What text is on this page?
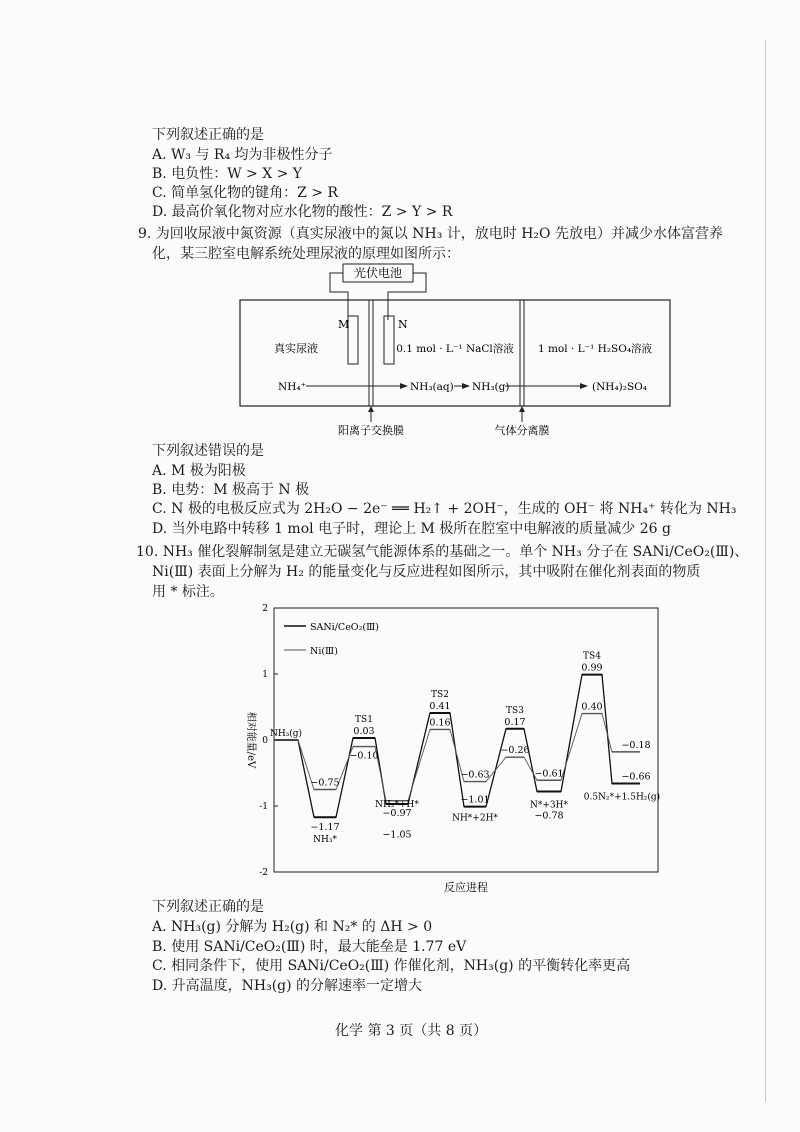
下列叙述正确的是
A. W₃ 与 R₄ 均为非极性分子
B. 电负性：W > X > Y
C. 简单氢化物的键角：Z > R
D. 最高价氧化物对应水化物的酸性：Z > Y > R
9. 为回收尿液中氮资源（真实尿液中的氮以 NH₃ 计，放电时 H₂O 先放电）并减少水体富营养
化，某三腔室电解系统处理尿液的原理如图所示：
光伏电池
M	N
真实尿液	0.1 mol · L⁻¹ NaCl溶液 1 mol · L⁻¹ H₂SO₄溶液
NH₄⁺	NH₃(aq) NH₃(g)	(NH₄)₂SO₄
阳离子交换膜	气体分离膜
下列叙述错误的是
A. M 极为阳极
B. 电势：M 极高于 N 极
C. N 极的电极反应式为 2H₂O − 2e⁻ ══ H₂↑ + 2OH⁻，生成的 OH⁻ 将 NH₄⁺ 转化为 NH₃
D. 当外电路中转移 1 mol 电子时，理论上 M 极所在腔室中电解液的质量减少 26 g
10. NH₃ 催化裂解制氢是建立无碳氢气能源体系的基础之一。单个 NH₃ 分子在 SANi/CeO₂(Ⅲ)、
Ni(Ⅲ) 表面上分解为 H₂ 的能量变化与反应进程如图所示，其中吸附在催化剂表面的物质
用 * 标注。
相对能量/eV
反应进程
2
1
0
-1
-2
−0.75
−1.17
0.03
−0.10
−0.97
−1.05
0.41
0.16
−0.63
−1.01
0.17
−0.26
−0.61
−0.78
0.99
0.40
−0.18
−0.66
NH₃(g)
NH₃*
TS1
NH₂*+H*
TS2
NH*+2H*
TS3
N*+3H*
TS4
0.5N₂*+1.5H₂(g)
SANi/CeO₂(Ⅲ)
Ni(Ⅲ)
下列叙述正确的是
A. NH₃(g) 分解为 H₂(g) 和 N₂* 的 ΔH > 0
B. 使用 SANi/CeO₂(Ⅲ) 时，最大能垒是 1.77 eV
C. 相同条件下，使用 SANi/CeO₂(Ⅲ) 作催化剂，NH₃(g) 的平衡转化率更高
D. 升高温度，NH₃(g) 的分解速率一定增大
化学 第 3 页（共 8 页）
